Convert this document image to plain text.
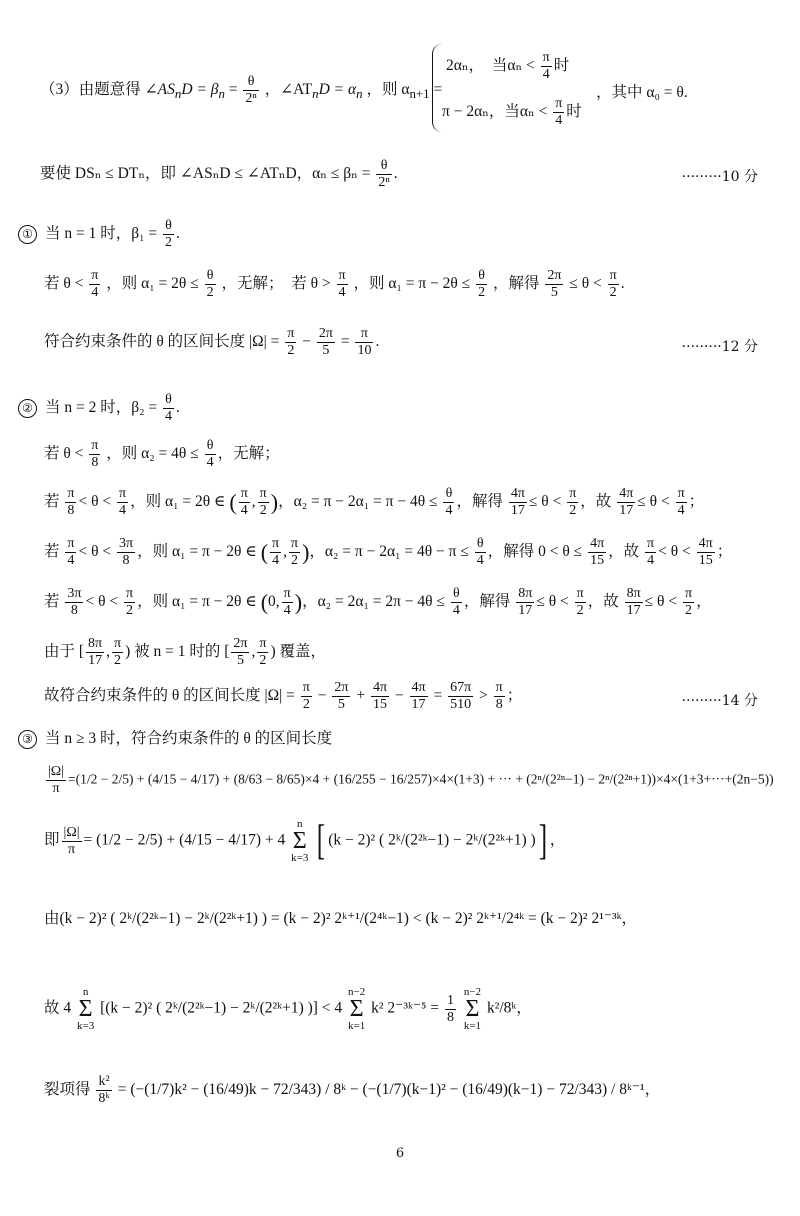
（3）由题意得 $\angle AS_nD = \beta_n = \frac{\theta}{\text{2ⁿ}}$ ，$\angle AT_nD = \alpha_n$ ，则 $\alpha_{n+1}$ =
2αₙ，　当$\alpha_n < \frac{\pi}{4}$ 时
π − 2αₙ，当$\alpha_n < \frac{\pi}{4}$ 时
，其中 α₀ = θ.
要使 DSₙ ≤ DTₙ，即 ∠ASₙD ≤ ∠ATₙD，$\alpha_n \le \beta_n = \frac{\theta}{\text{2ⁿ}}$ .	·········10 分
① 当 n = 1 时，$\beta_1 = \frac{\theta}{2}$ .
若 $\theta < \frac{\pi}{4}$ ，则 $\alpha_1 = 2\theta \le \frac{\theta}{2}$ ，无解；　若 $\theta > \frac{\pi}{4}$ ，则 $\alpha_1 = \pi - 2\theta \le \frac{\theta}{2}$ ，解得 $\frac{2\pi}{5} \le \theta < \frac{\pi}{2}$ .
符合约束条件的 θ 的区间长度 $|\Omega| = \frac{\pi}{2} - \frac{2\pi}{5} = \frac{\pi}{10}$ .	·········12 分
② 当 n = 2 时，$\beta_2 = \frac{\theta}{4}$ .
若 $\theta < \frac{\pi}{8}$ ，则 $\alpha_2 = 4\theta \le \frac{\theta}{4}$ ，无解；
若 $\frac{\pi}{8} < \theta < \frac{\pi}{4}$ ，则 α₁ = 2θ ∈ ( $\frac{\pi}{4}$ , $\frac{\pi}{2}$ )，$\alpha_2 = \pi - 2\alpha_1 = \pi - 4\theta \le \frac{\theta}{4}$ ，解得 $\frac{4\pi}{17} \le \theta < \frac{\pi}{2}$ ，故 $\frac{4\pi}{17} \le \theta < \frac{\pi}{4}$ ；
若 $\frac{\pi}{4} < \theta < \frac{3\pi}{8}$ ，则 α₁ = π − 2θ ∈ ( $\frac{\pi}{4}$ , $\frac{\pi}{2}$ )，$\alpha_2 = \pi - 2\alpha_1 = 4\theta - \pi \le \frac{\theta}{4}$ ，解得 $0 < \theta \le \frac{4\pi}{15}$ ，故 $\frac{\pi}{4} < \theta < \frac{4\pi}{15}$ ；
若 $\frac{3\pi}{8} < \theta < \frac{\pi}{2}$ ，则 α₁ = π − 2θ ∈ (0, $\frac{\pi}{4}$ )，$\alpha_2 = 2\alpha_1 = 2\pi - 4\theta \le \frac{\theta}{4}$ ，解得 $\frac{8\pi}{17} \le \theta < \frac{\pi}{2}$ ，故 $\frac{8\pi}{17} \le \theta < \frac{\pi}{2}$ ，
由于 [ $\frac{8\pi}{17}$ , $\frac{\pi}{2}$ ) 被 n = 1 时的 [ $\frac{2\pi}{5}$ , $\frac{\pi}{2}$ ) 覆盖，
故符合约束条件的 θ 的区间长度 $|\Omega| = \frac{\pi}{2} - \frac{2\pi}{5} + \frac{4\pi}{15} - \frac{4\pi}{17} = \frac{67\pi}{510} > \frac{\pi}{8}$ ；	·········14 分
③ 当 n ≥ 3 时，符合约束条件的 θ 的区间长度
$\frac{|\Omega|}{\pi} =(1/2 - 2/5) + (4/15 - 4/17) + (8/63 - 8/65)\times 4 + (16/255 - 16/257)\times 4\times(1+3)$ + ··· + (2ⁿ/(2²ⁿ−1) − 2ⁿ/(2²ⁿ+1))×4×(1+3+···+(2n−5))
即 $\frac{|\Omega|}{\pi} = (1/2 - 2/5) + (4/15 - 4/17) + 4$
n
Σ
k=3 [ (k − 2)² ( 2ᵏ/(2²ᵏ−1) − 2ᵏ/(2²ᵏ+1) )] ，
由(k − 2)² ( 2ᵏ/(2²ᵏ−1) − 2ᵏ/(2²ᵏ+1) ) = (k − 2)² 2ᵏ⁺¹/(2⁴ᵏ−1) < (k − 2)² 2ᵏ⁺¹/2⁴ᵏ = (k − 2)² 2¹⁻³ᵏ，
故 4
n
Σ
k=3
[(k − 2)² ( 2ᵏ/(2²ᵏ−1) − 2ᵏ/(2²ᵏ+1) )] < 4
n−2
Σ
k=1
k² 2⁻³ᵏ⁻⁵ = $\frac{1}{8}$

n−2
Σ
k=1
k²/8ᵏ，
裂项得 $\frac{\text{k²}}{\text{8ᵏ}} = (-(1/7)k^2 - (16/49)k - 72/343)$ / 8ᵏ − (−(1/7)(k−1)² − (16/49)(k−1) − 72/343) / 8ᵏ⁻¹，
6
